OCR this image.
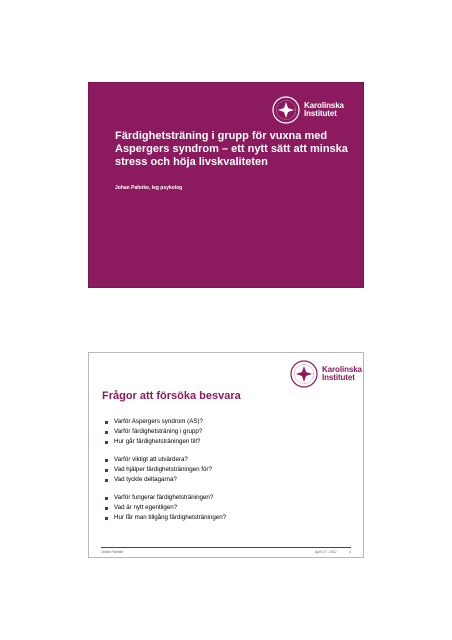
Karolinska
Institutet

Färdighetsträning i grupp för vuxna med Aspergers syndrom – ett nytt sätt att minska stress och höja livskvaliteten

Johan Pahnke, leg psykolog

Karolinska
Institutet

Frågor att försöka besvara

Varför Aspergers syndrom (AS)?
Varför färdighetsträning i grupp?
Hur går färdighetsträningen till?
Varför viktigt att utvärdera?
Vad hjälper färdighetsträningen för?
Vad tyckte deltagarna?
Varför fungerar färdighetsträningen?
Vad är nytt egentligen?
Hur får man tillgång färdighetsträningen?
Johan Pahnke	April 27, 2012	4
